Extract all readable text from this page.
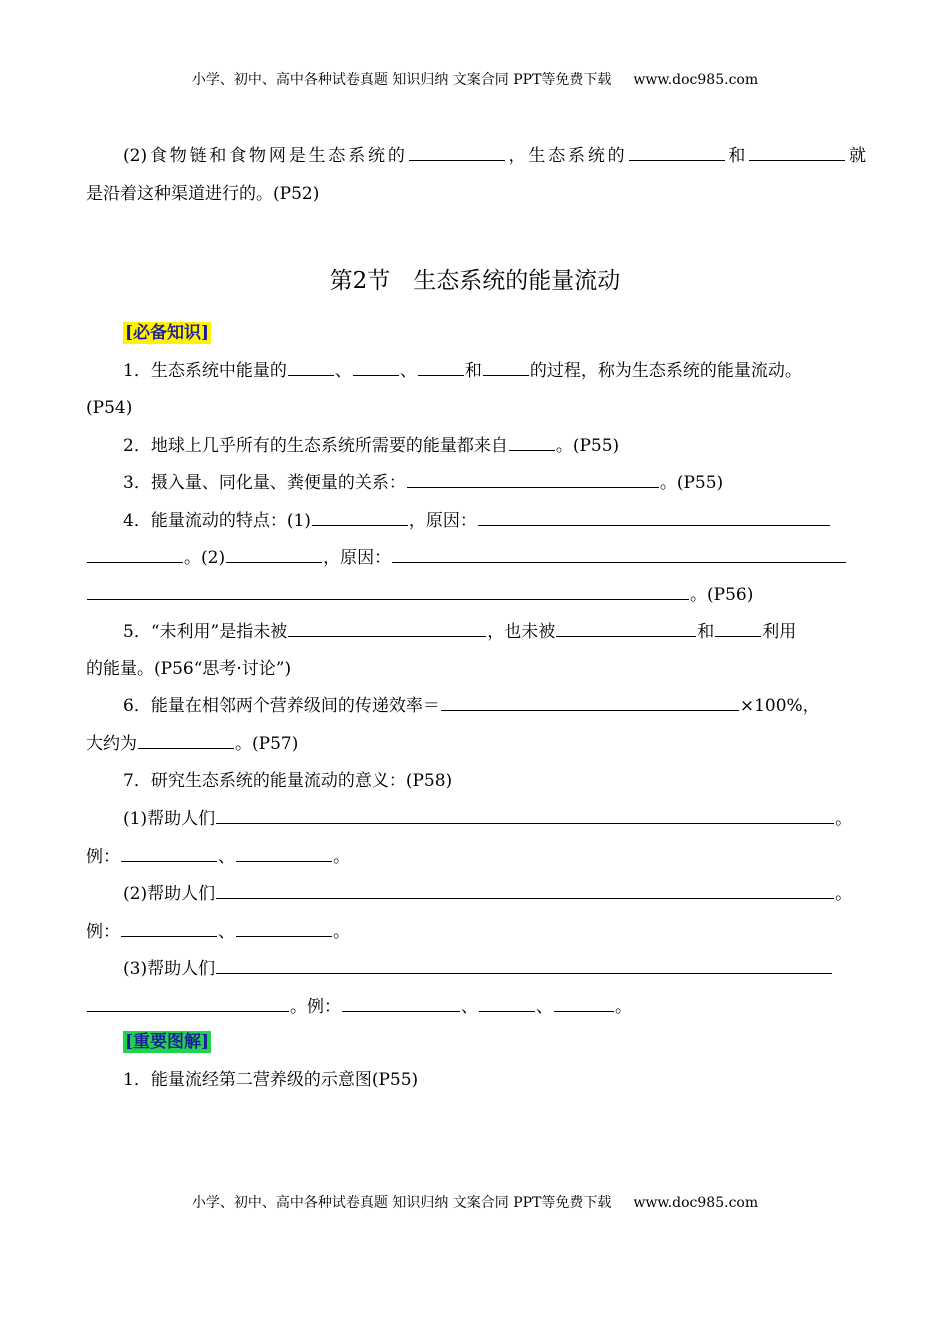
小学、初中、高中各种试卷真题 知识归纳 文案合同 PPT等免费下载 www.doc985.com
(2)食物链和食物网是生态系统的	，生态系统的	和	就
是沿着这种渠道进行的。(P52)
第2节　生态系统的能量流动
[必备知识]
1．生态系统中能量的	、	、	和	的过程，称为生态系统的能量流动。
(P54)
2．地球上几乎所有的生态系统所需要的能量都来自	。(P55)
3．摄入量、同化量、粪便量的关系：	。(P55)
4．能量流动的特点：(1)	，原因：
。(2)	，原因：
。(P56)
5．“未利用”是指未被	，也未被	和	利用
的能量。(P56“思考·讨论”)
6．能量在相邻两个营养级间的传递效率＝	×100%，
大约为	。(P57)
7．研究生态系统的能量流动的意义：(P58)
(1)帮助人们	。
例：	、	。
(2)帮助人们	。
例：	、	。
(3)帮助人们
。例：	、	、	。
[重要图解]
1．能量流经第二营养级的示意图(P55)
小学、初中、高中各种试卷真题 知识归纳 文案合同 PPT等免费下载 www.doc985.com
